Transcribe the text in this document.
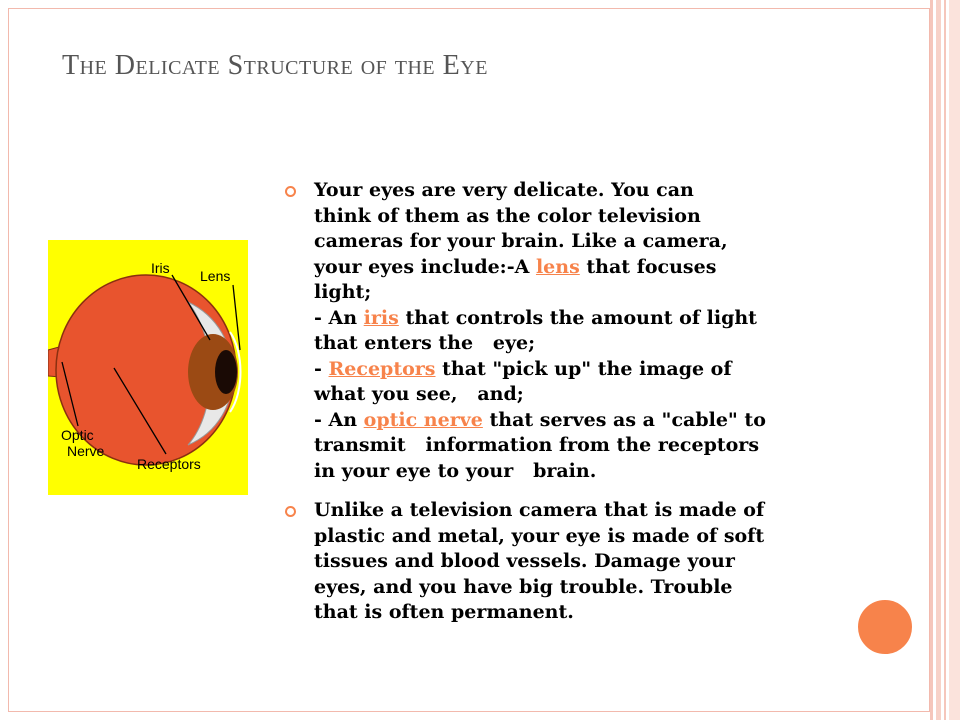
The Delicate Structure of the Eye
Iris Lens
Optic
Nerve
Receptors
Your eyes are very delicate. You can
think of them as the color television
cameras for your brain. Like a camera,
your eyes include:-A lens that focuses
light;
- An iris that controls the amount of light
that enters the   eye;
- Receptors that "pick up" the image of
what you see,   and;
- An optic nerve that serves as a "cable" to
transmit   information from the receptors
in your eye to your   brain.
Unlike a television camera that is made of
plastic and metal, your eye is made of soft
tissues and blood vessels. Damage your
eyes, and you have big trouble. Trouble
that is often permanent.
